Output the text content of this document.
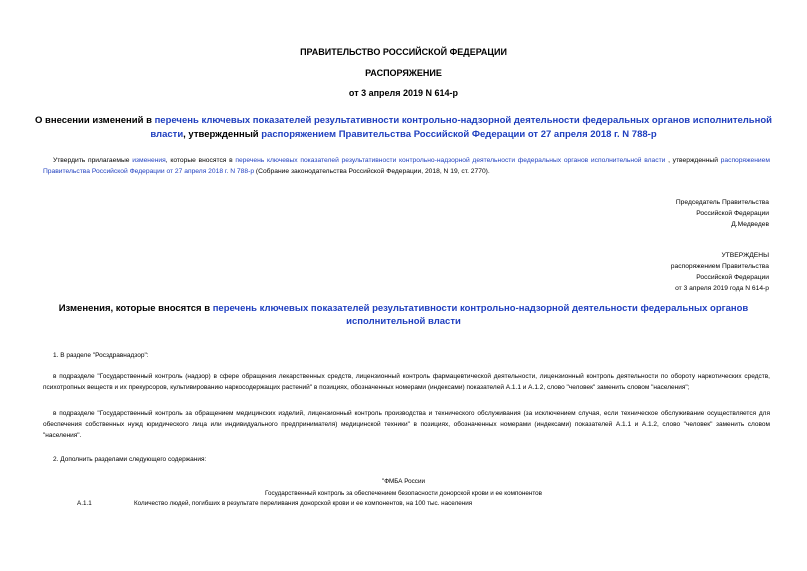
ПРАВИТЕЛЬСТВО РОССИЙСКОЙ ФЕДЕРАЦИИ
РАСПОРЯЖЕНИЕ
от 3 апреля 2019 N 614-р
О внесении изменений в перечень ключевых показателей результативности контрольно-надзорной деятельности федеральных органов исполнительной власти, утвержденный распоряжением Правительства Российской Федерации от 27 апреля 2018 г. N 788-р
Утвердить прилагаемые изменения, которые вносятся в перечень ключевых показателей результативности контрольно-надзорной деятельности федеральных органов исполнительной власти , утвержденный распоряжением Правительства Российской Федерации от 27 апреля 2018 г. N 788-р (Собрание законодательства Российской Федерации, 2018, N 19, ст. 2770).
Председатель Правительства
Российской Федерации
Д.Медведев
УТВЕРЖДЕНЫ
распоряжением Правительства
Российской Федерации
от 3 апреля 2019 года N 614-р
Изменения, которые вносятся в перечень ключевых показателей результативности контрольно-надзорной деятельности федеральных органов исполнительной власти
1. В разделе "Росздравнадзор":
в подразделе "Государственный контроль (надзор) в сфере обращения лекарственных средств, лицензионный контроль фармацевтической деятельности, лицензионный контроль деятельности по обороту наркотических средств, психотропных веществ и их прекурсоров, культивированию наркосодержащих растений" в позициях, обозначенных номерами (индексами) показателей А.1.1 и А.1.2, слово "человек" заменить словом "населения";
в подразделе "Государственный контроль за обращением медицинских изделий, лицензионный контроль производства и технического обслуживания (за исключением случая, если техническое обслуживание осуществляется для обеспечения собственных нужд юридического лица или индивидуального предпринимателя) медицинской техники" в позициях, обозначенных номерами (индексами) показателей А.1.1 и А.1.2, слово "человек" заменить словом "населения".
2. Дополнить разделами следующего содержания:
"ФМБА России
Государственный контроль за обеспечением безопасности донорской крови и ее компонентов
А.1.1	Количество людей, погибших в результате переливания донорской крови и ее компонентов, на 100 тыс. населения
